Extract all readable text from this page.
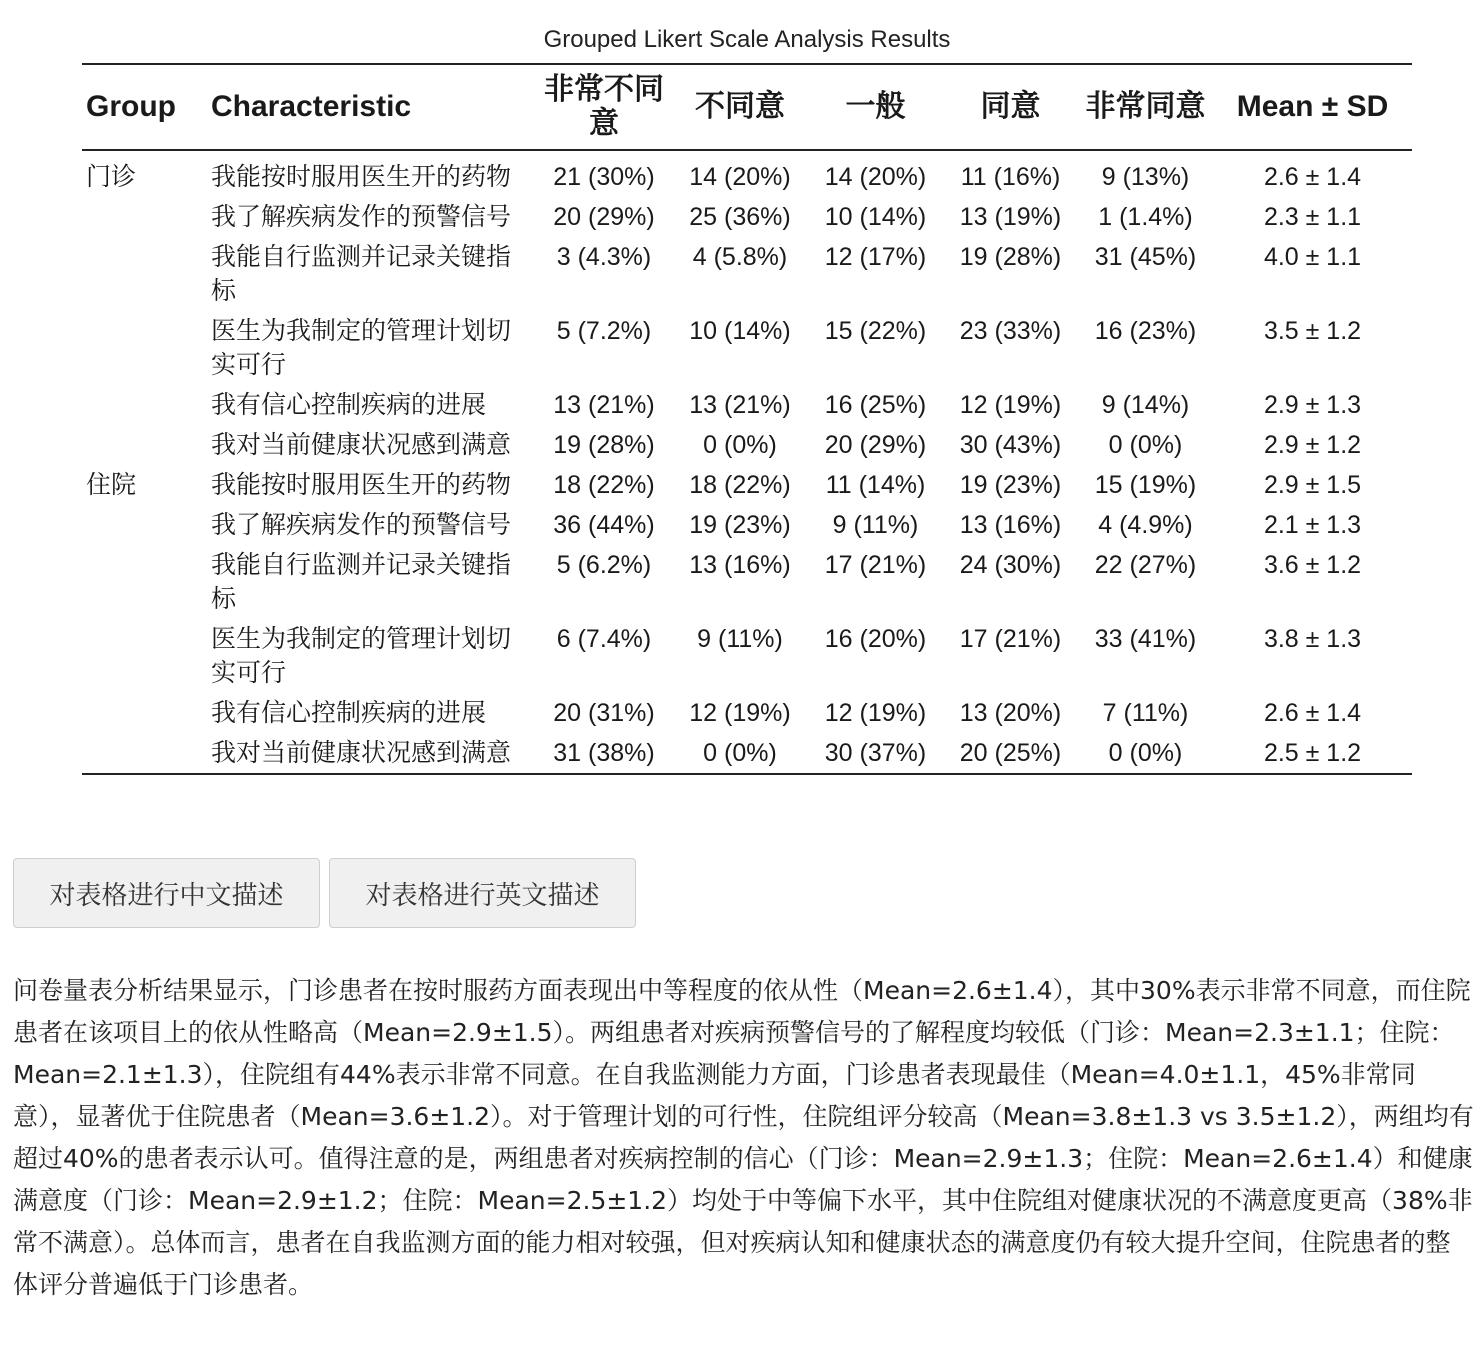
Grouped Likert Scale Analysis Results
Group	Characteristic	非常不同意	不同意	一般	同意	非常同意	Mean ± SD
门诊	我能按时服用医生开的药物	21 (30%)	14 (20%)	14 (20%)	11 (16%)	9 (13%)	2.6 ± 1.4
	我了解疾病发作的预警信号	20 (29%)	25 (36%)	10 (14%)	13 (19%)	1 (1.4%)	2.3 ± 1.1
	我能自行监测并记录关键指标	3 (4.3%)	4 (5.8%)	12 (17%)	19 (28%)	31 (45%)	4.0 ± 1.1
	医生为我制定的管理计划切实可行	5 (7.2%)	10 (14%)	15 (22%)	23 (33%)	16 (23%)	3.5 ± 1.2
	我有信心控制疾病的进展	13 (21%)	13 (21%)	16 (25%)	12 (19%)	9 (14%)	2.9 ± 1.3
	我对当前健康状况感到满意	19 (28%)	0 (0%)	20 (29%)	30 (43%)	0 (0%)	2.9 ± 1.2
住院	我能按时服用医生开的药物	18 (22%)	18 (22%)	11 (14%)	19 (23%)	15 (19%)	2.9 ± 1.5
	我了解疾病发作的预警信号	36 (44%)	19 (23%)	9 (11%)	13 (16%)	4 (4.9%)	2.1 ± 1.3
	我能自行监测并记录关键指标	5 (6.2%)	13 (16%)	17 (21%)	24 (30%)	22 (27%)	3.6 ± 1.2
	医生为我制定的管理计划切实可行	6 (7.4%)	9 (11%)	16 (20%)	17 (21%)	33 (41%)	3.8 ± 1.3
	我有信心控制疾病的进展	20 (31%)	12 (19%)	12 (19%)	13 (20%)	7 (11%)	2.6 ± 1.4
	我对当前健康状况感到满意	31 (38%)	0 (0%)	30 (37%)	20 (25%)	0 (0%)	2.5 ± 1.2
对表格进行中文描述	对表格进行英文描述

问卷量表分析结果显示，门诊患者在按时服药方面表现出中等程度的依从性（Mean=2.6±1.4），其中30%表示非常不同意，而住院患者在该项目上的依从性略高（Mean=2.9±1.5）。两组患者对疾病预警信号的了解程度均较低（门诊：Mean=2.3±1.1；住院：Mean=2.1±1.3），住院组有44%表示非常不同意。在自我监测能力方面，门诊患者表现最佳（Mean=4.0±1.1，45%非常同意），显著优于住院患者（Mean=3.6±1.2）。对于管理计划的可行性，住院组评分较高（Mean=3.8±1.3 vs 3.5±1.2），两组均有超过40%的患者表示认可。值得注意的是，两组患者对疾病控制的信心（门诊：Mean=2.9±1.3；住院：Mean=2.6±1.4）和健康满意度（门诊：Mean=2.9±1.2；住院：Mean=2.5±1.2）均处于中等偏下水平，其中住院组对健康状况的不满意度更高（38%非常不满意）。总体而言，患者在自我监测方面的能力相对较强，但对疾病认知和健康状态的满意度仍有较大提升空间，住院患者的整体评分普遍低于门诊患者。
